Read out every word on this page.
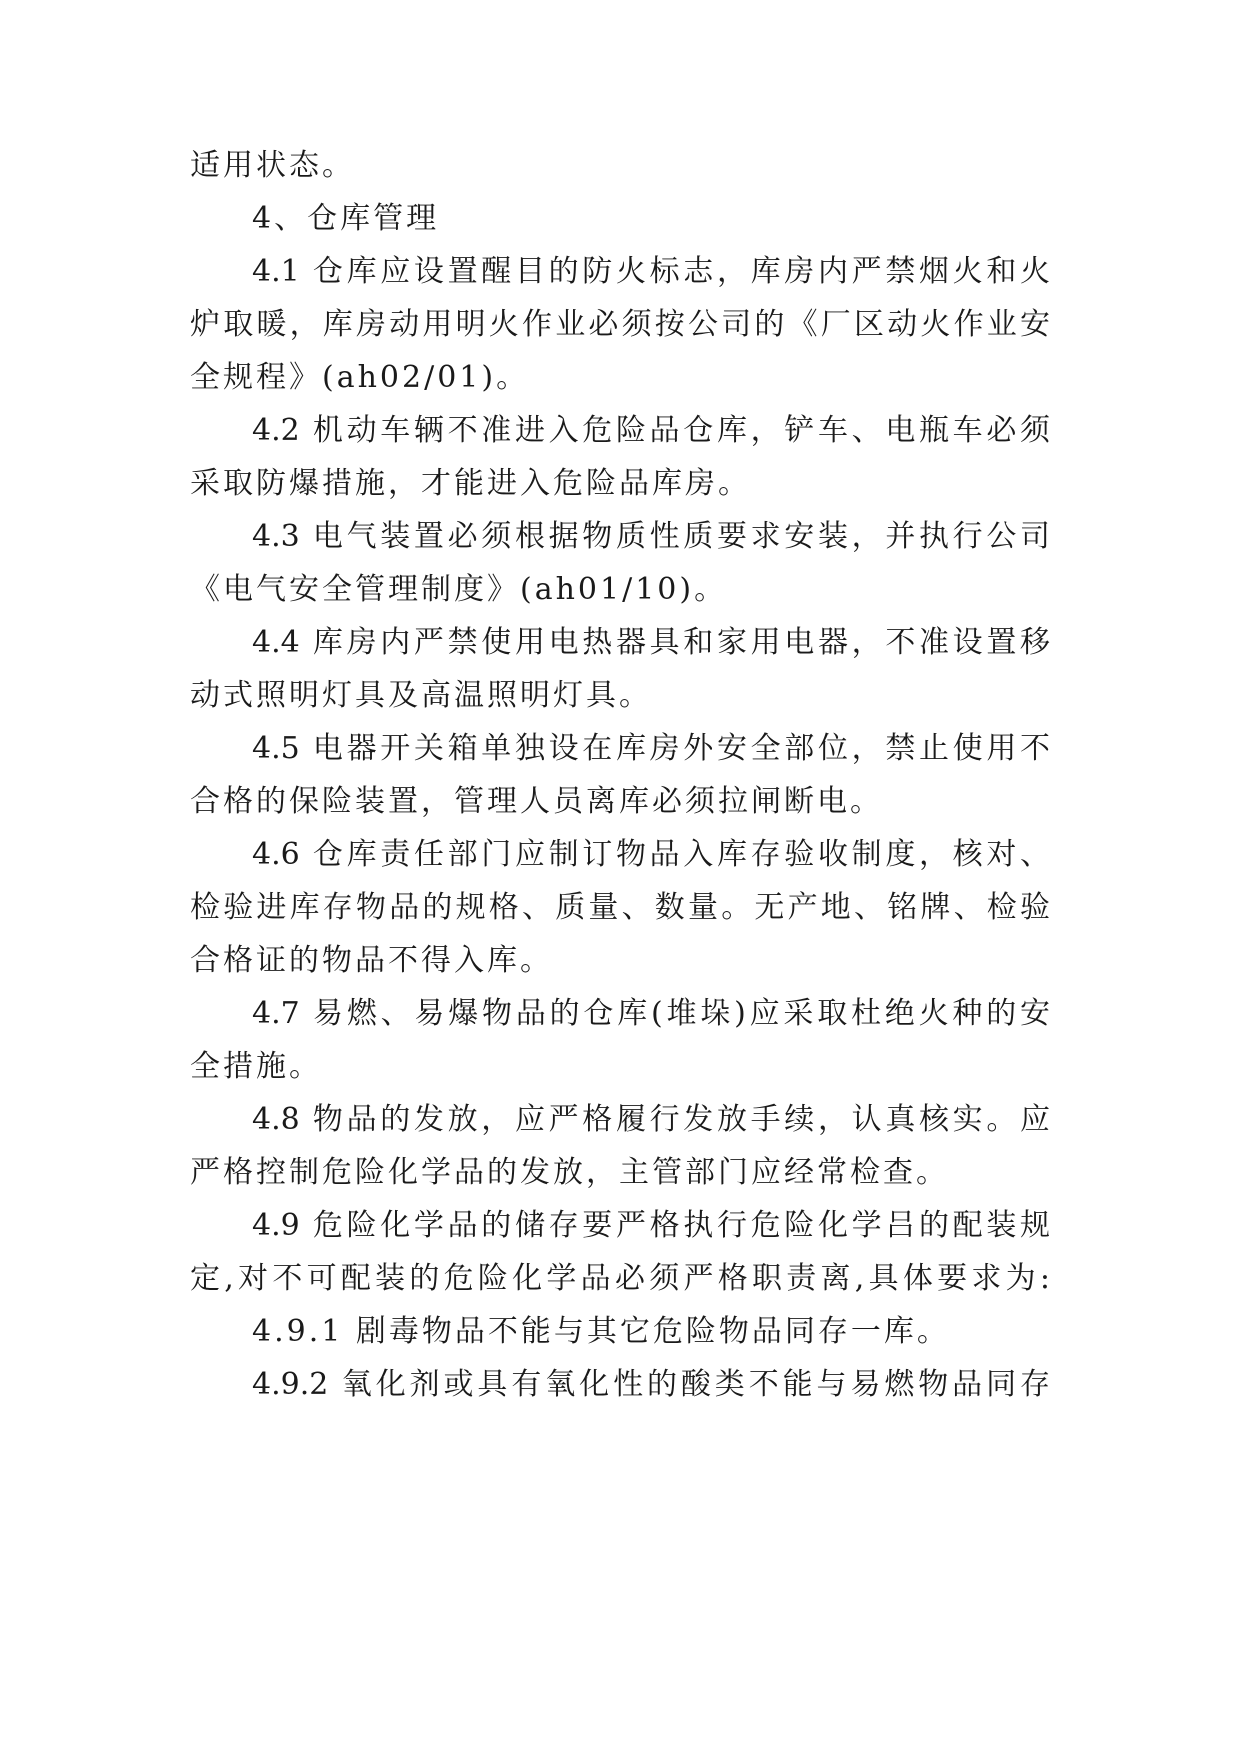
适用状态。
4、仓库管理
4.1 仓库应设置醒目的防火标志，库房内严禁烟火和火
炉取暖，库房动用明火作业必须按公司的《厂区动火作业安
全规程》(ah02/01)。
4.2 机动车辆不准进入危险品仓库，铲车、电瓶车必须
采取防爆措施，才能进入危险品库房。
4.3 电气装置必须根据物质性质要求安装，并执行公司
《电气安全管理制度》(ah01/10)。
4.4 库房内严禁使用电热器具和家用电器，不准设置移
动式照明灯具及高温照明灯具。
4.5 电器开关箱单独设在库房外安全部位，禁止使用不
合格的保险装置，管理人员离库必须拉闸断电。
4.6 仓库责任部门应制订物品入库存验收制度，核对、
检验进库存物品的规格、质量、数量。无产地、铭牌、检验
合格证的物品不得入库。
4.7 易燃、易爆物品的仓库(堆垛)应采取杜绝火种的安
全措施。
4.8 物品的发放，应严格履行发放手续，认真核实。应
严格控制危险化学品的发放，主管部门应经常检查。
4.9 危险化学品的储存要严格执行危险化学吕的配装规
定,对不可配装的危险化学品必须严格职责离,具体要求为:
4.9.1 剧毒物品不能与其它危险物品同存一库。
4.9.2 氧化剂或具有氧化性的酸类不能与易燃物品同存
